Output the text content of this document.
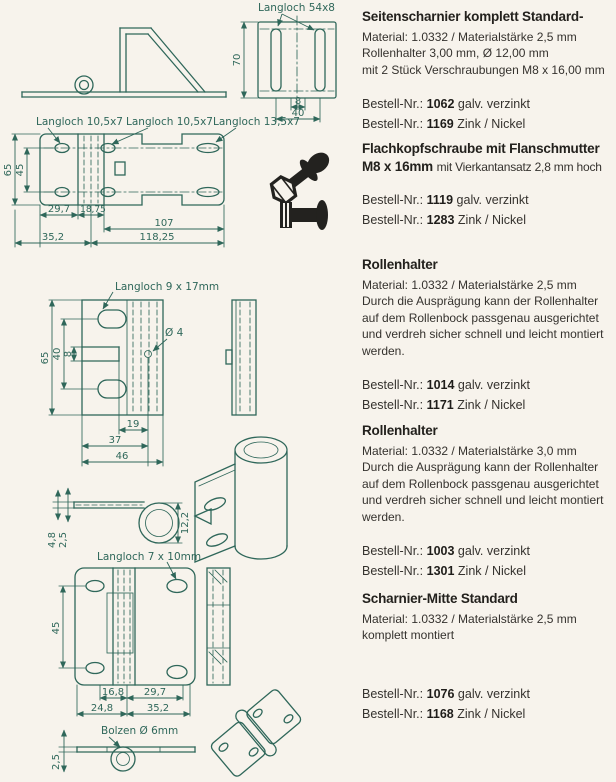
Langloch 54x8
70
8
40
Langloch 10,5x7 Langloch 10,5x7 Langloch 13,5x7
65 45
29,7 18,75
107
35,2	118,25
Langloch 9 x 17mm
Ø 4
65 40 8
19
37
46
4,8 2,5
12,2
Langloch 7 x 10mm
45
16,8 29,7
24,8	35,2
Bolzen Ø 6mm
2,5
Seitenscharnier komplett Standard-
Material: 1.0332 / Materialstärke 2,5 mm
Rollenhalter 3,00 mm, Ø 12,00 mm
mit 2 Stück Verschraubungen M8 x 16,00 mm
Bestell-Nr.: 1062 galv. verzinkt
Bestell-Nr.: 1169 Zink / Nickel
Flachkopfschraube mit Flanschmutter M8 x 16mm mit Vierkantansatz 2,8 mm hoch
Bestell-Nr.: 1119 galv. verzinkt
Bestell-Nr.: 1283 Zink / Nickel
Rollenhalter
Material: 1.0332 / Materialstärke 2,5 mm
Durch die Ausprägung kann der Rollenhalter auf dem Rollenbock passgenau ausgerichtet und verdreh sicher schnell und leicht montiert werden.
Bestell-Nr.: 1014 galv. verzinkt
Bestell-Nr.: 1171 Zink / Nickel
Rollenhalter
Material: 1.0332 / Materialstärke 3,0 mm
Durch die Ausprägung kann der Rollenhalter auf dem Rollenbock passgenau ausgerichtet und verdreh sicher schnell und leicht montiert werden.
Bestell-Nr.: 1003 galv. verzinkt
Bestell-Nr.: 1301 Zink / Nickel
Scharnier-Mitte Standard
Material: 1.0332 / Materialstärke 2,5 mm
komplett montiert
Bestell-Nr.: 1076 galv. verzinkt
Bestell-Nr.: 1168 Zink / Nickel
